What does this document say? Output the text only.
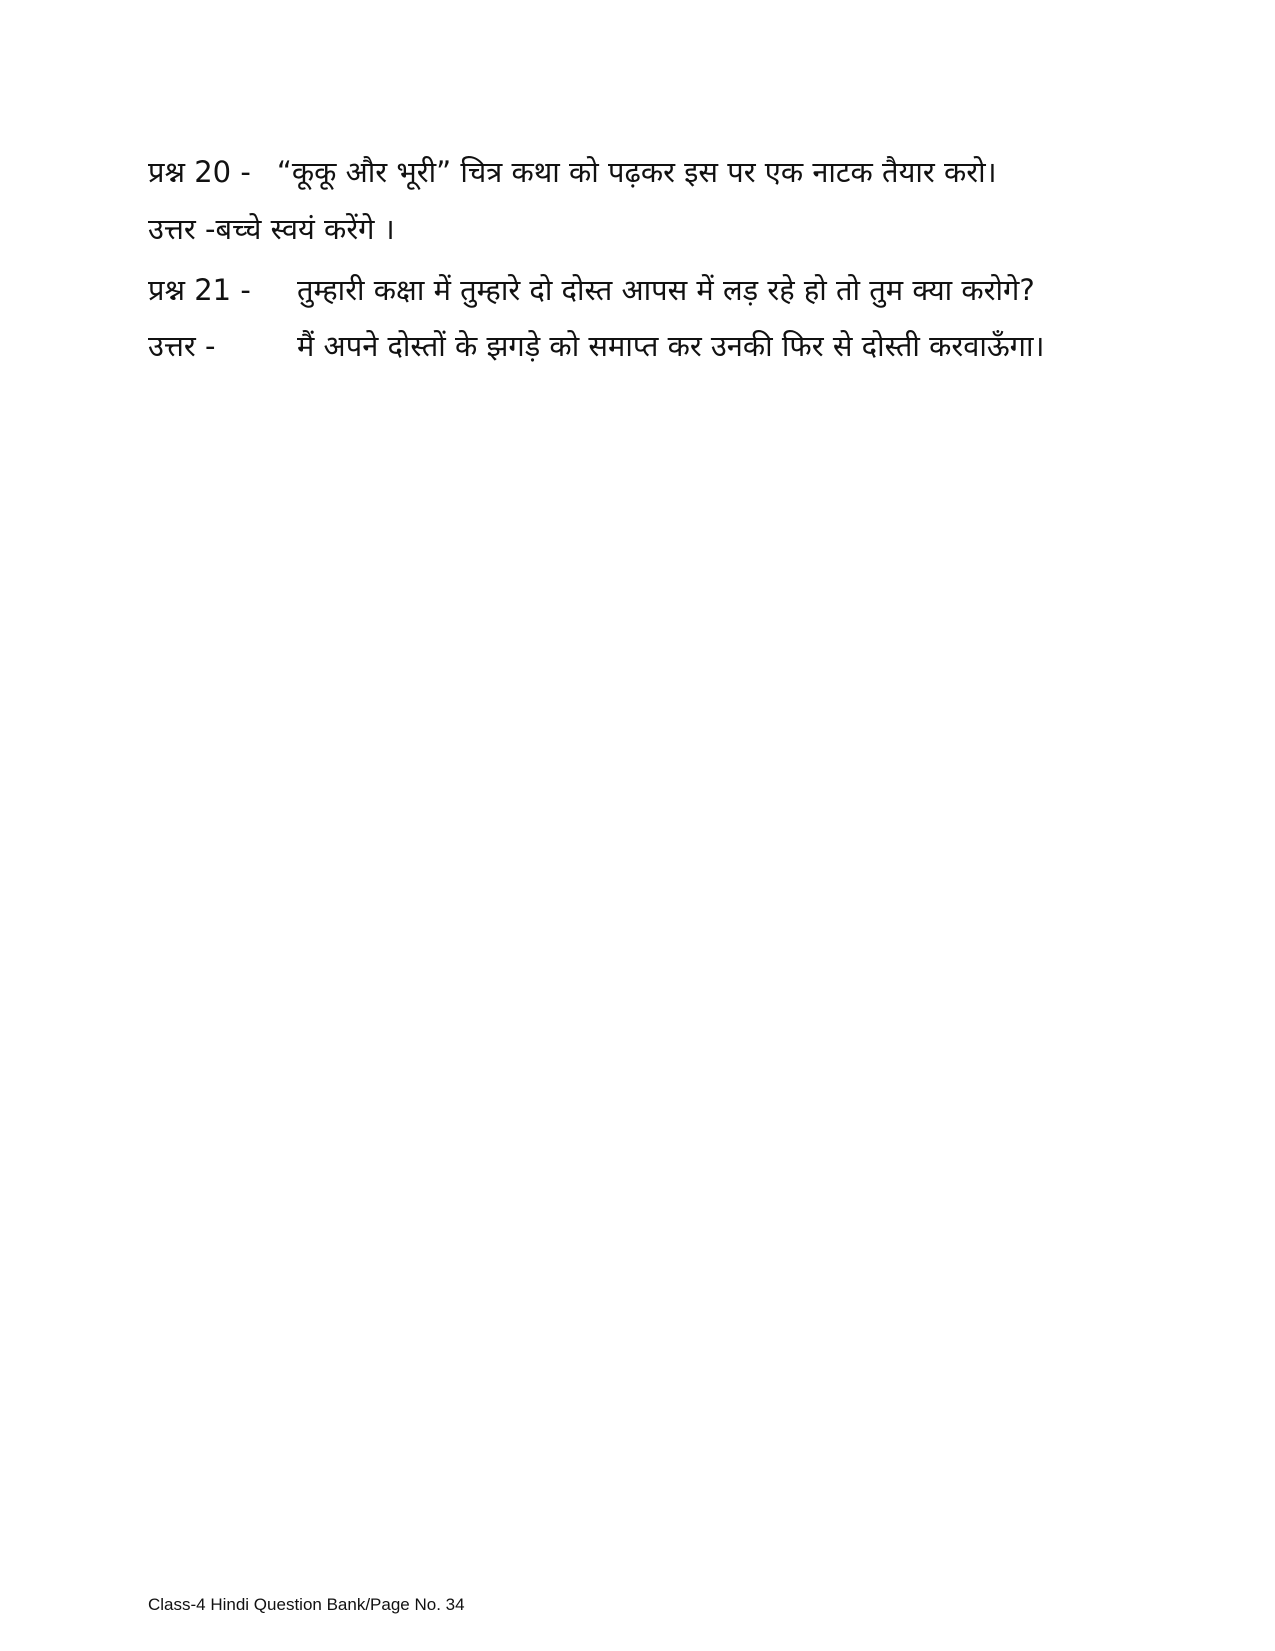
प्रश्न 20 - “कूकू और भूरी” चित्र कथा को पढ़कर इस पर एक नाटक तैयार करो।
उत्तर -बच्चे स्वयं करेंगे ।
प्रश्न 21 -	तुम्हारी कक्षा में तुम्हारे दो दोस्त आपस में लड़ रहे हो तो तुम क्या करोगे?
उत्तर -	मैं अपने दोस्तों के झगड़े को समाप्त कर उनकी फिर से दोस्ती करवाऊँगा।
Class-4 Hindi Question Bank/Page No. 34
